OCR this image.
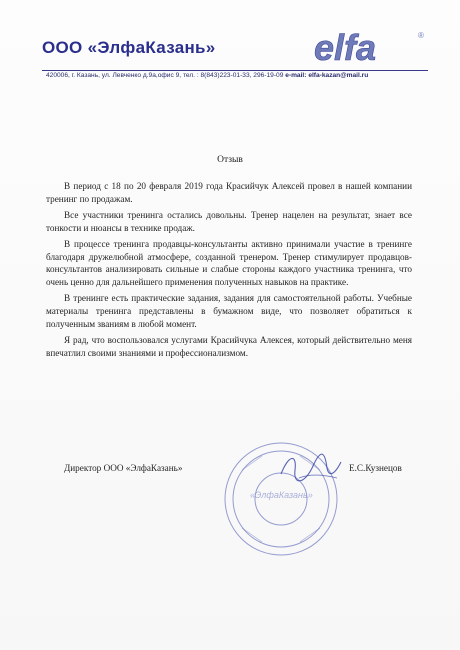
ООО «ЭлфаКазань»	elfa	®
420006, г. Казань, ул. Левченко д.9а,офис 9, тел. : 8(843)223-01-33, 296-19-09 e-mail: elfa-kazan@mail.ru
Отзыв

В период с 18 по 20 февраля 2019 года Красийчук Алексей провел в нашей компании тренинг по продажам.

Все участники тренинга остались довольны. Тренер нацелен на результат, знает все тонкости и нюансы в технике продаж.

В процессе тренинга продавцы-консультанты активно принимали участие в тренинге благодаря дружелюбной атмосфере, созданной тренером. Тренер стимулирует продавцов-консультантов анализировать сильные и слабые стороны каждого участника тренинга, что очень ценно для дальнейшего применения полученных навыков на практике.

В тренинге есть практические задания, задания для самостоятельной работы. Учебные материалы тренинга представлены в бумажном виде, что позволяет обратиться к полученным званиям в любой момент.

Я рад, что воспользовался услугами Красийчука Алексея, который действительно меня впечатлил своими знаниями и профессионализмом.

«ЭлфаКазань»
Директор ООО «ЭлфаКазань»	Е.С.Кузнецов
